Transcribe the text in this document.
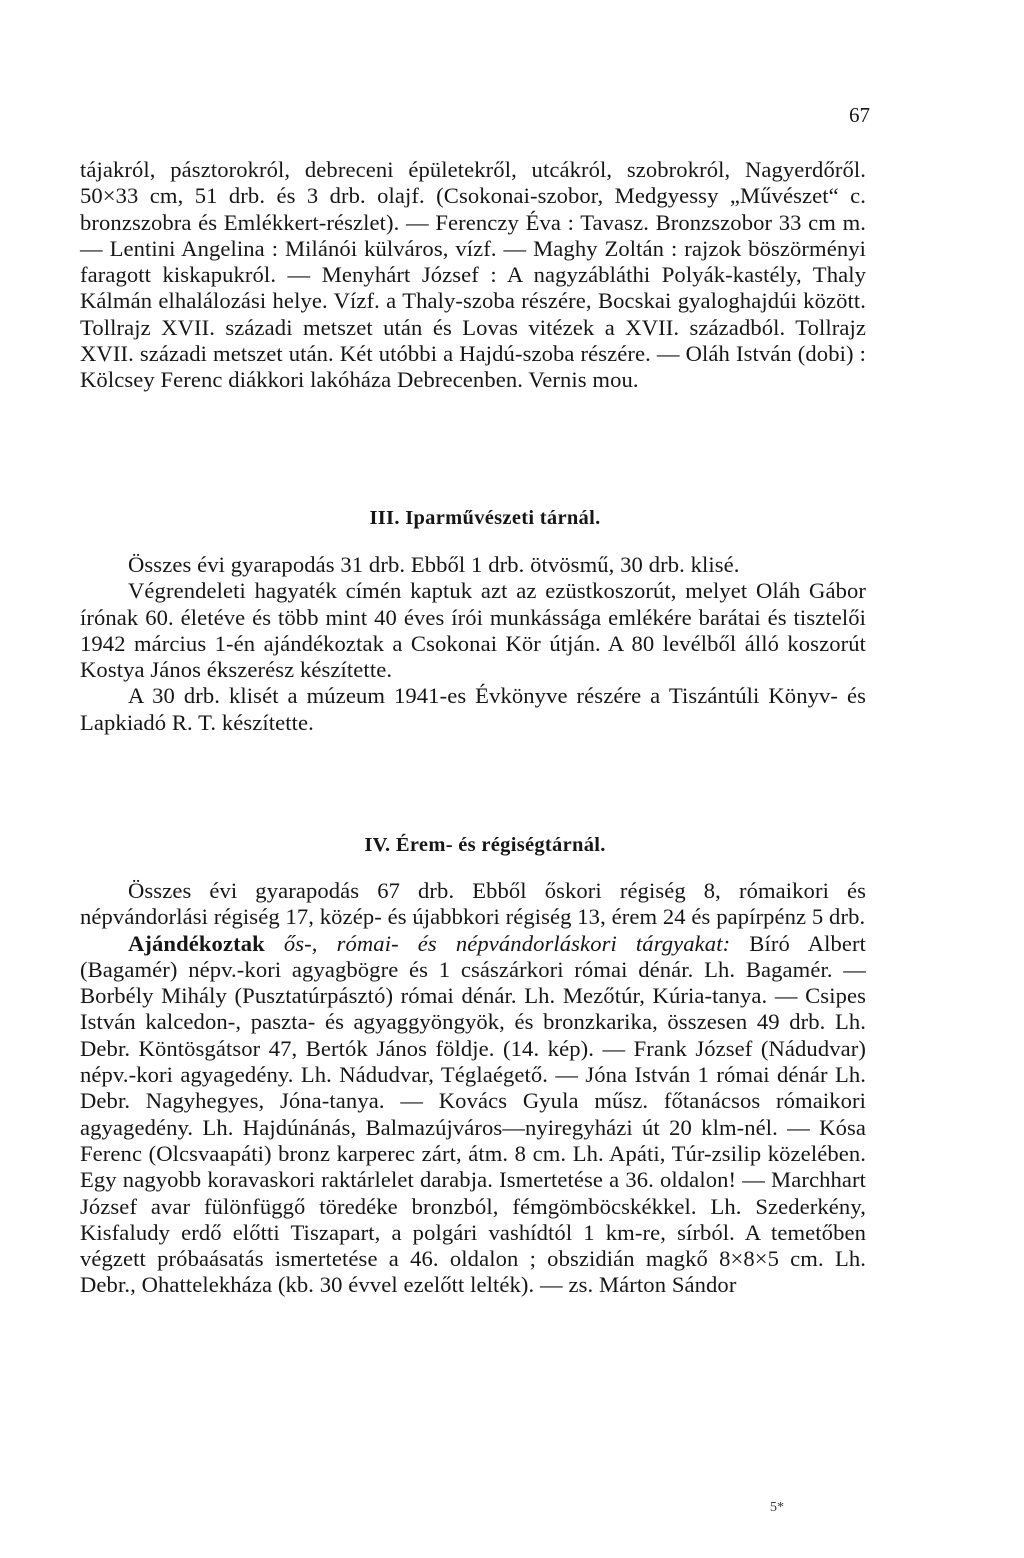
67

tájakról, pásztorokról, debreceni épületekről, utcákról, szobrokról, Nagyerdőről. 50×33 cm, 51 drb. és 3 drb. olajf. (Csokonai-szobor, Medgyessy „Művészet“ c. bronzszobra és Emlékkert-részlet). — Ferenczy Éva : Tavasz. Bronzszobor 33 cm m. — Lentini Angelina : Milánói külváros, vízf. — Maghy Zoltán : rajzok böszörményi faragott kiskapukról. — Menyhárt József : A nagyzábláthi Polyák-kastély, Thaly Kálmán elhalálozási helye. Vízf. a Thaly-szoba részére, Bocskai gyaloghajdúi között. Tollrajz XVII. századi metszet után és Lovas vitézek a XVII. századból. Tollrajz XVII. századi metszet után. Két utóbbi a Hajdú-szoba részére. — Oláh István (dobi) : Kölcsey Ferenc diákkori lakóháza Debrecenben. Vernis mou.

III. Iparművészeti tárnál.

Összes évi gyarapodás 31 drb. Ebből 1 drb. ötvösmű, 30 drb. klisé.

Végrendeleti hagyaték címén kaptuk azt az ezüstkoszorút, melyet Oláh Gábor írónak 60. életéve és több mint 40 éves írói munkássága emlékére barátai és tisztelői 1942 március 1-én ajándékoztak a Csokonai Kör útján. A 80 levélből álló koszorút Kostya János ékszerész készítette.

A 30 drb. klisét a múzeum 1941-es Évkönyve részére a Tiszántúli Könyv- és Lapkiadó R. T. készítette.

IV. Érem- és régiségtárnál.

Összes évi gyarapodás 67 drb. Ebből őskori régiség 8, rómaikori és népvándorlási régiség 17, közép- és újabbkori régiség 13, érem 24 és papírpénz 5 drb.

Ajándékoztak ős-, római- és népvándorláskori tárgyakat: Bíró Albert (Bagamér) népv.-kori agyagbögre és 1 császárkori római dénár. Lh. Bagamér. — Borbély Mihály (Pusztatúrpásztó) római dénár. Lh. Mezőtúr, Kúria-tanya. — Csipes István kalcedon-, paszta- és agyaggyöngyök, és bronzkarika, összesen 49 drb. Lh. Debr. Köntösgátsor 47, Bertók János földje. (14. kép). — Frank József (Nádudvar) népv.-kori agyagedény. Lh. Nádudvar, Téglaégető. — Jóna István 1 római dénár Lh. Debr. Nagyhegyes, Jóna-tanya. — Kovács Gyula műsz. főtanácsos rómaikori agyagedény. Lh. Hajdúnánás, Balmazújváros—nyiregyházi út 20 klm-nél. — Kósa Ferenc (Olcsvaapáti) bronz karperec zárt, átm. 8 cm. Lh. Apáti, Túr-zsilip közelében. Egy nagyobb koravaskori raktárlelet darabja. Ismertetése a 36. oldalon! — Marchhart József avar fülönfüggő töredéke bronzból, fémgömböcskékkel. Lh. Szederkény, Kisfaludy erdő előtti Tiszapart, a polgári vashídtól 1 km-re, sírból. A temetőben végzett próbaásatás ismertetése a 46. oldalon ; obszidián magkő 8×8×5 cm. Lh. Debr., Ohattelekháza (kb. 30 évvel ezelőtt lelték). — zs. Márton Sándor

5*
